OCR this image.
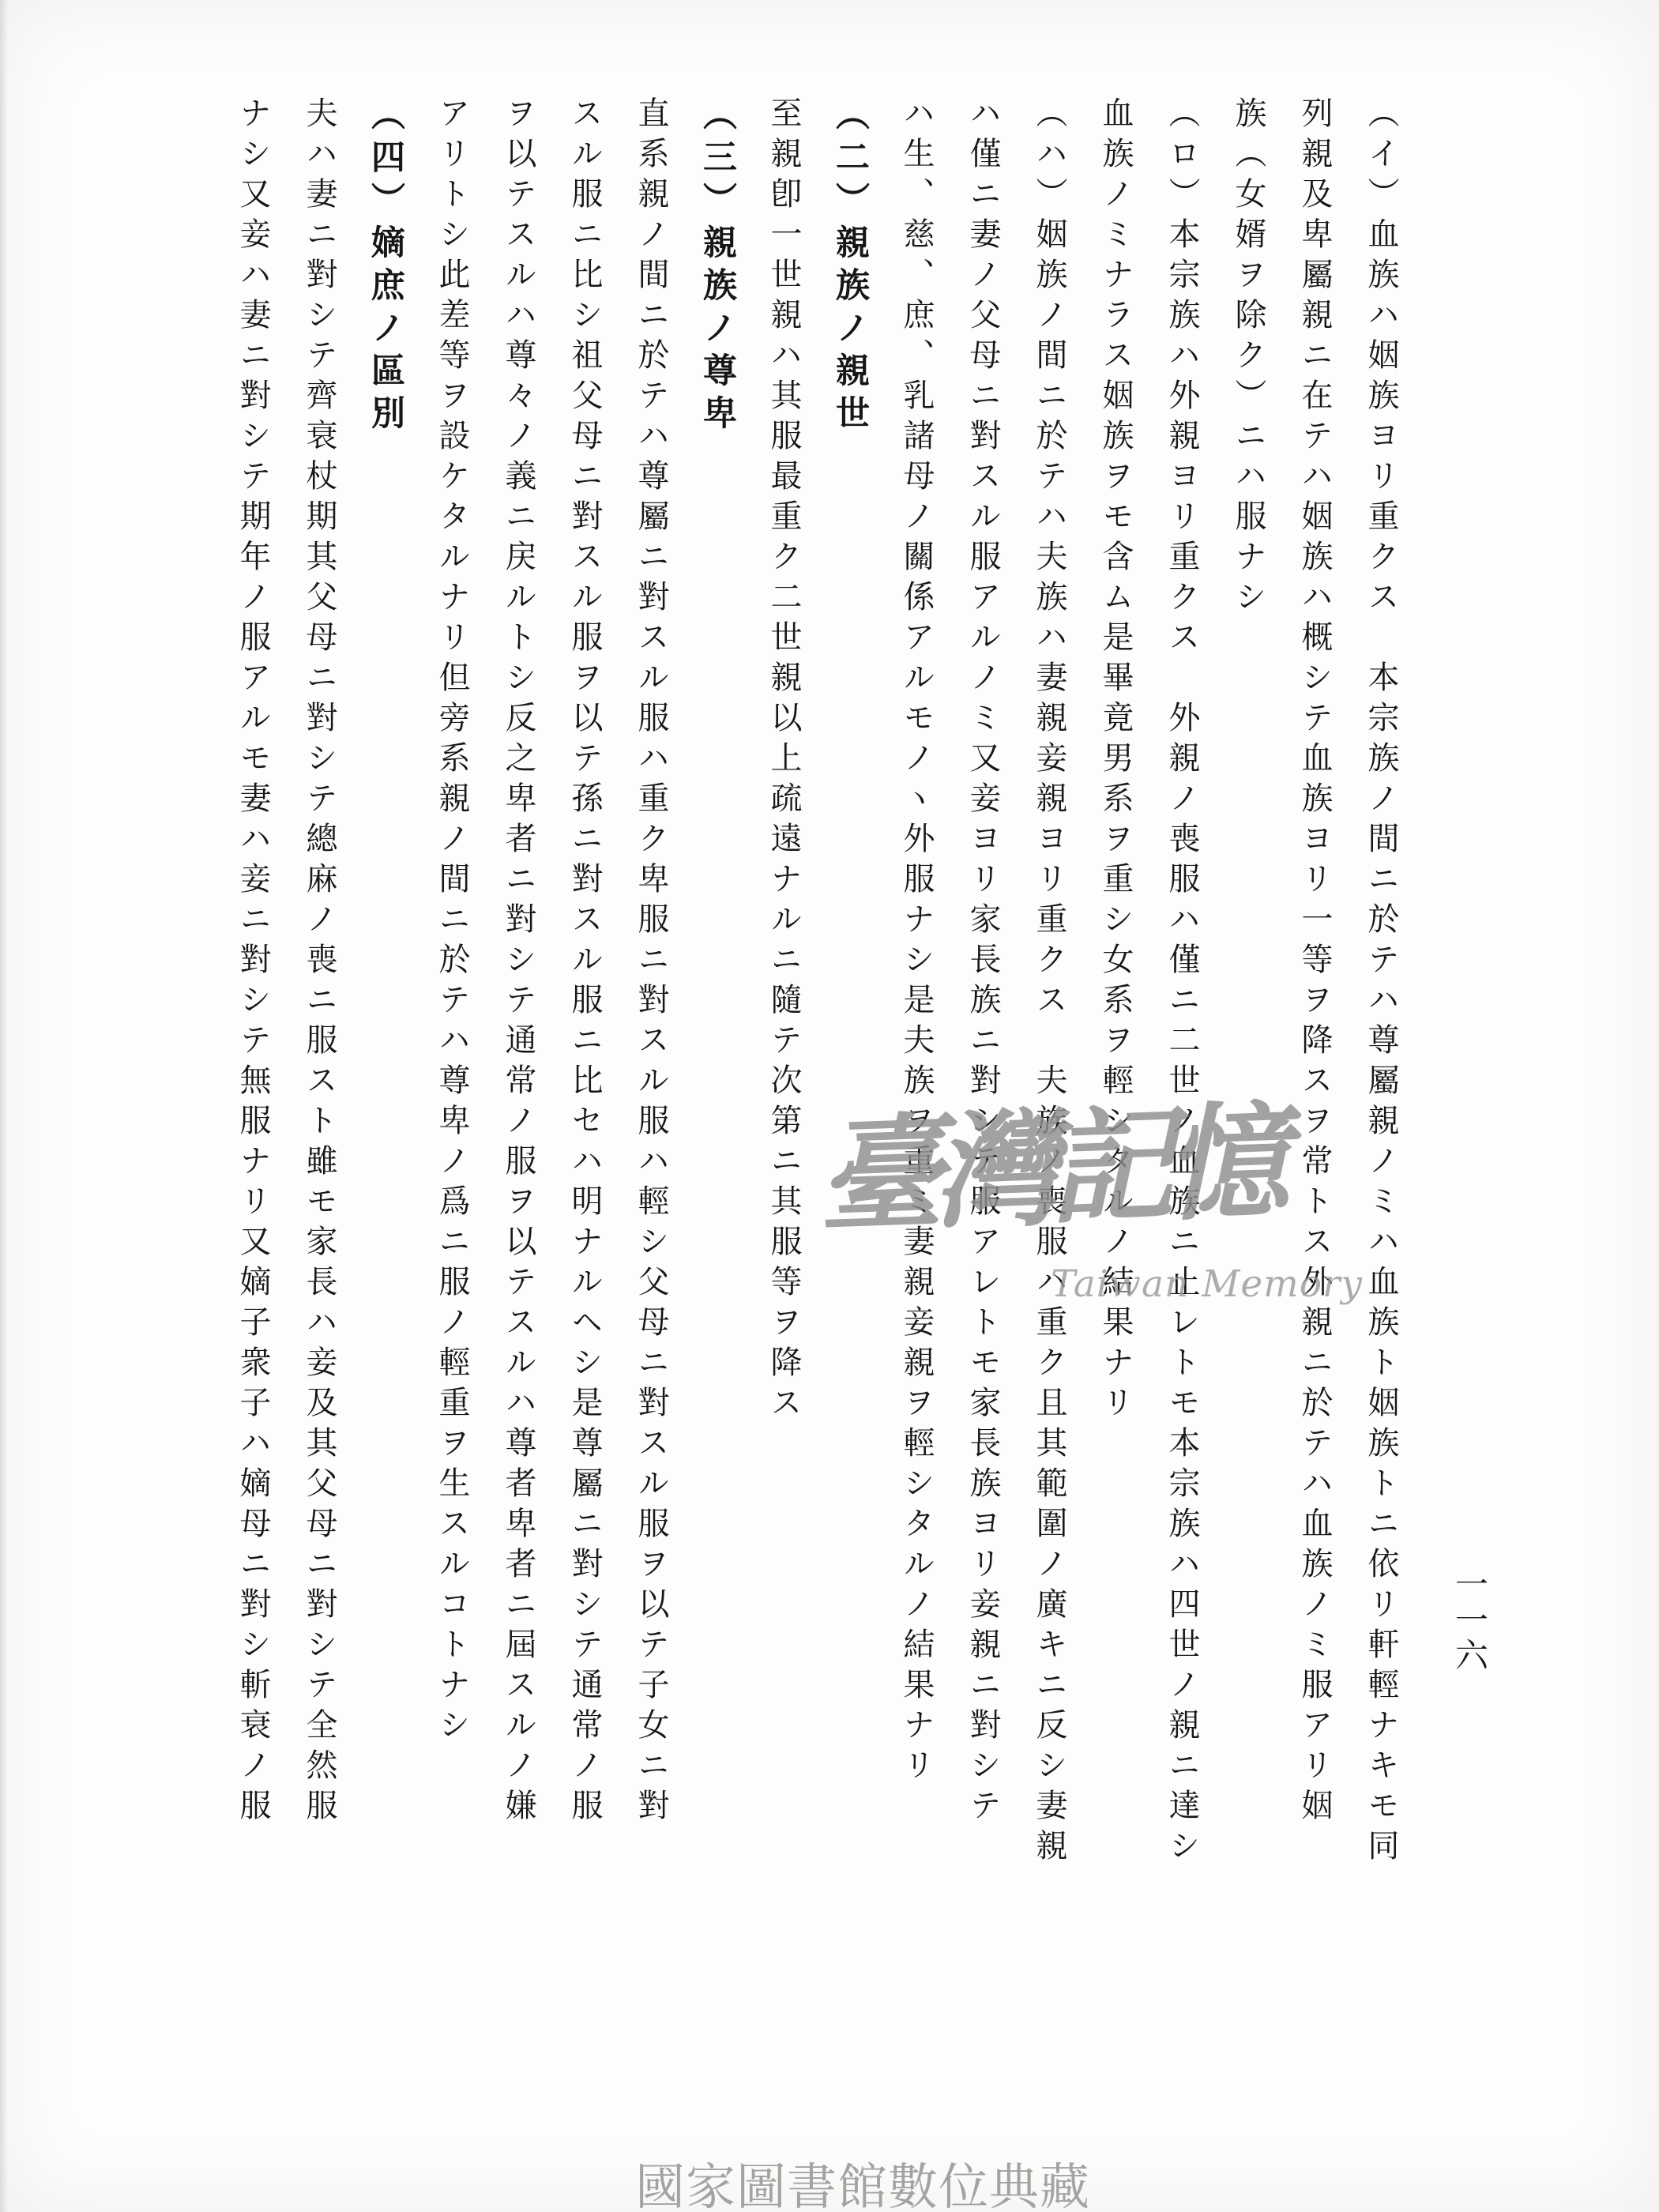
（イ）血族ハ姻族ヨリ重クス　本宗族ノ間ニ於テハ尊屬親ノミハ血族ト姻族トニ依リ軒輕ナキモ同
列親及卑屬親ニ在テハ姻族ハ概シテ血族ヨリ一等ヲ降スヲ常トス外親ニ於テハ血族ノミ服アリ姻
族（女婿ヲ除ク）ニハ服ナシ
（ロ）本宗族ハ外親ヨリ重クス　外親ノ喪服ハ僅ニ二世ノ血族ニ止レトモ本宗族ハ四世ノ親ニ達シ
血族ノミナラス姻族ヲモ含ム是畢竟男系ヲ重シ女系ヲ輕シタルノ結果ナリ
（ハ）姻族ノ間ニ於テハ夫族ハ妻親妾親ヨリ重クス　夫族ノ喪服ハ重ク且其範圍ノ廣キニ反シ妻親
ハ僅ニ妻ノ父母ニ對スル服アルノミ又妾ヨリ家長族ニ對シテ服アレトモ家長族ヨリ妾親ニ對シテ
ハ生、慈、庶、乳諸母ノ關係アルモノヽ外服ナシ是夫族ヲ重ミ妻親妾親ヲ輕シタルノ結果ナリ
（二）親族ノ親世
至親卽一世親ハ其服最重ク二世親以上疏遠ナルニ隨テ次第ニ其服等ヲ降ス
（三）親族ノ尊卑
直系親ノ間ニ於テハ尊屬ニ對スル服ハ重ク卑服ニ對スル服ハ輕シ父母ニ對スル服ヲ以テ子女ニ對
スル服ニ比シ祖父母ニ對スル服ヲ以テ孫ニ對スル服ニ比セハ明ナルヘシ是尊屬ニ對シテ通常ノ服
ヲ以テスルハ尊々ノ義ニ戻ルトシ反之卑者ニ對シテ通常ノ服ヲ以テスルハ尊者卑者ニ屆スルノ嫌
アリトシ此差等ヲ設ケタルナリ但旁系親ノ間ニ於テハ尊卑ノ爲ニ服ノ輕重ヲ生スルコトナシ
（四）嫡庶ノ區別
夫ハ妻ニ對シテ齊衰杖期其父母ニ對シテ總麻ノ喪ニ服スト雖モ家長ハ妾及其父母ニ對シテ全然服
ナシ又妾ハ妻ニ對シテ期年ノ服アルモ妻ハ妾ニ對シテ無服ナリ又嫡子衆子ハ嫡母ニ對シ斬衰ノ服	一一六
臺灣記憶
Taiwan Memory
國家圖書館數位典藏
